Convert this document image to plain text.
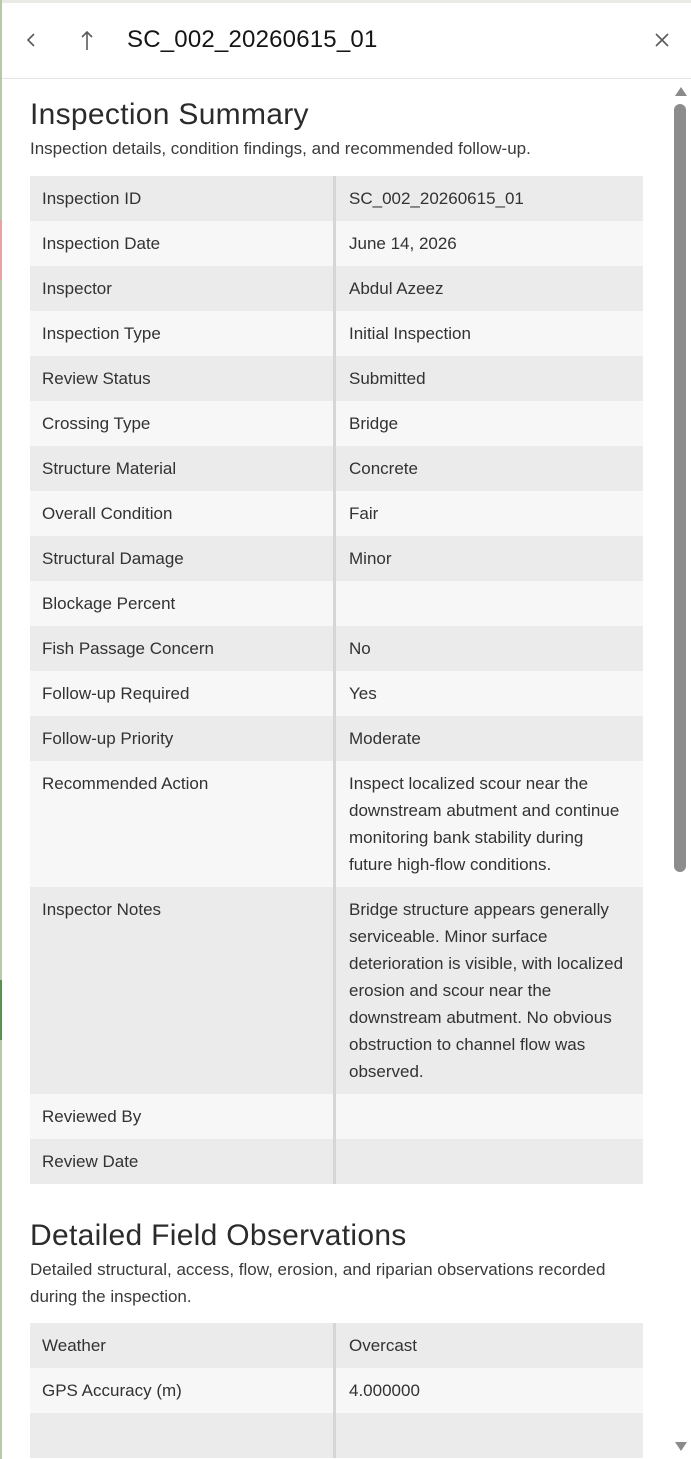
SC_002_20260615_01
Inspection Summary

Inspection details, condition findings, and recommended follow-up.

Inspection ID	SC_002_20260615_01
Inspection Date	June 14, 2026
Inspector	Abdul Azeez
Inspection Type	Initial Inspection
Review Status	Submitted
Crossing Type	Bridge
Structure Material	Concrete
Overall Condition	Fair
Structural Damage	Minor
Blockage Percent	
Fish Passage Concern	No
Follow-up Required	Yes
Follow-up Priority	Moderate
Recommended Action	Inspect localized scour near the downstream abutment and continue monitoring bank stability during future high-flow conditions.
Inspector Notes	Bridge structure appears generally serviceable. Minor surface deterioration is visible, with localized erosion and scour near the downstream abutment. No obvious obstruction to channel flow was observed.
Reviewed By	
Review Date	
Detailed Field Observations

Detailed structural, access, flow, erosion, and riparian observations recorded during the inspection.

Weather	Overcast
GPS Accuracy (m)	4.000000
